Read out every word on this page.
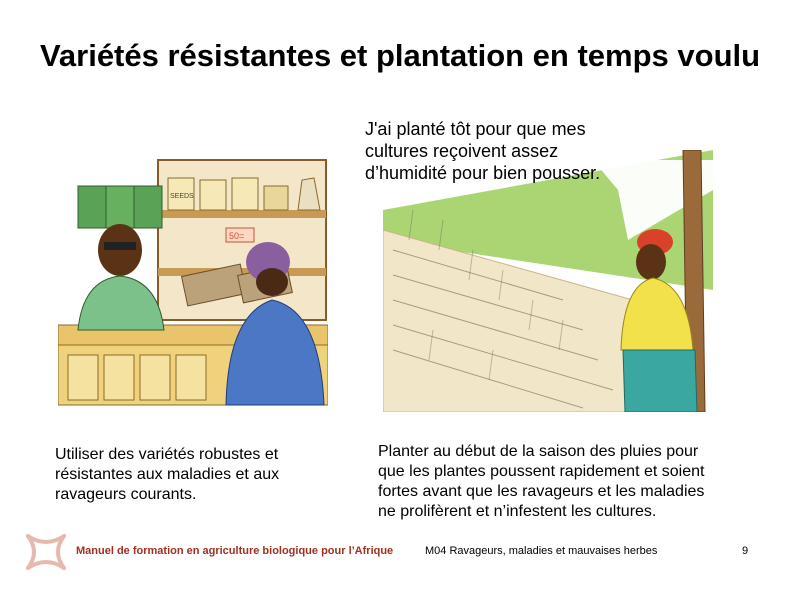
Variétés résistantes et plantation en temps voulu
SEEDS
50=
J'ai planté tôt pour que mes
cultures reçoivent assez
d’humidité pour bien pousser.
Utiliser des variétés robustes et
résistantes aux maladies et aux
ravageurs courants.
Planter au début de la saison des pluies pour
que les plantes poussent rapidement et soient
fortes avant que les ravageurs et les maladies
ne prolifèrent et n’infestent les cultures.
Manuel de formation en agriculture biologique pour l’Afrique	M04 Ravageurs, maladies et mauvaises herbes	9
